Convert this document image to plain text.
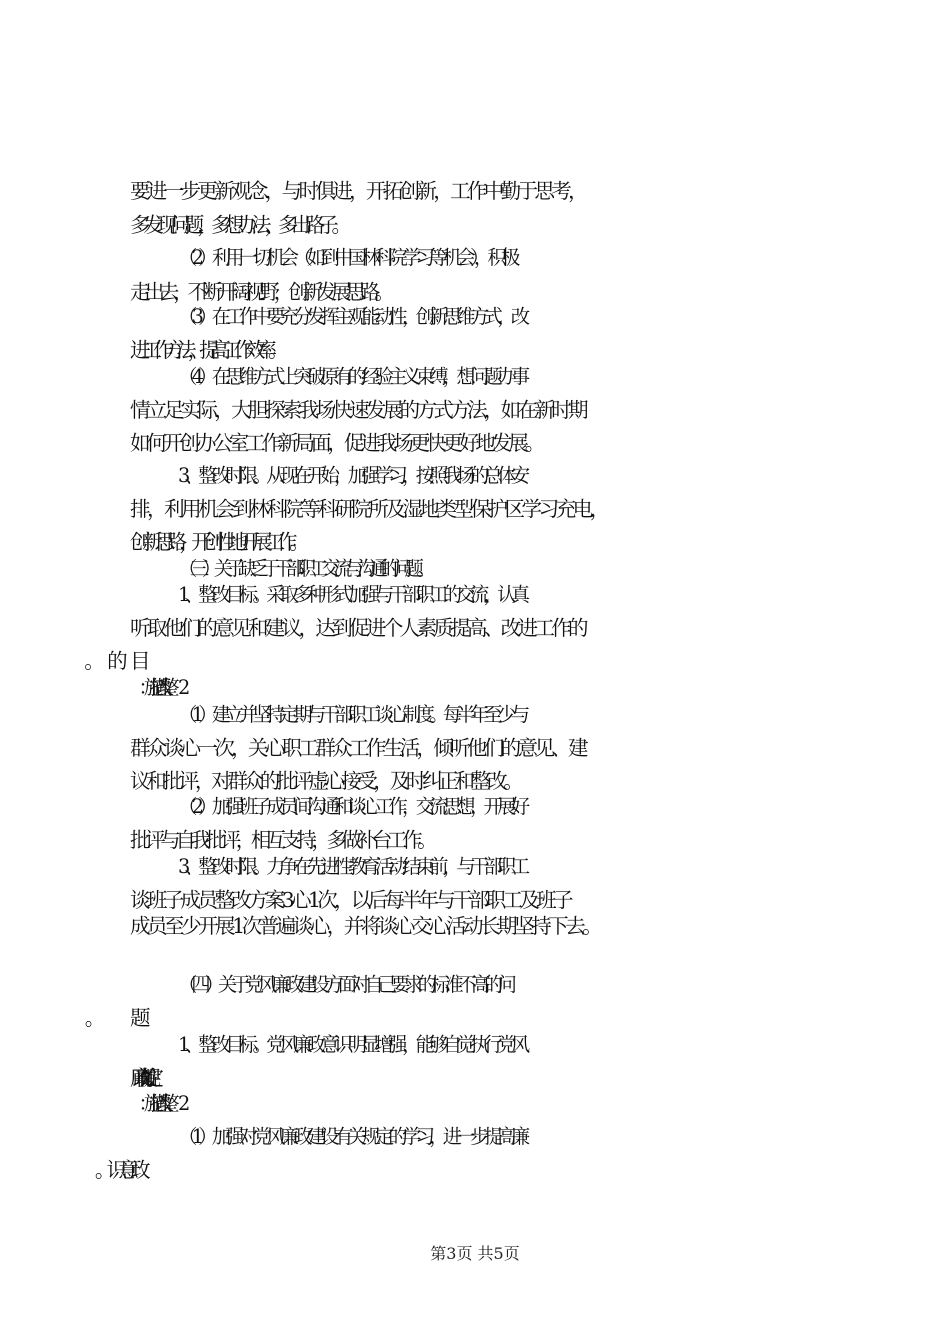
要进一步更新观念，与时俱进，开拓创新，工作中勤于思考，
多发现问题，多想办法，多出路子。
（2）利用一切机会（如到中国林科院学习等机会），积极
走出去，不断开阔视野，创新发展思路。
（3）在工作中要充分发挥主观能动性，创新思维方式，改
进工作方法，提高工作效率。
（4）在思维方式上突破原有的经验主义束缚，想问题办事
情立足实际，大胆探索我场快速发展的方式方法，如在新时期
如何开创办公室工作新局面，促进我场更快更好地发展。
3、整改时限。从现在开始，加强学习，按照我场的总体安
排，利用机会到林科院等科研院所及湿地类型保护区学习充电，
创新思路，开创性地开展工作。
（三）关于缺乏于干部职工交流与沟通的问题。
1、整改目标。采取多种形式加强与干部职工的交流，认真
听取他们的意见和建议，达到促进个人素质提高、改进工作的
（1）建立并坚持定期与干部职工谈心制度。每半年至少与
群众谈心一次，关心职工群众工作生活，倾听他们的意见、建
议和批评，对群众的批评虚心接受，及时纠正和整改。
（2）加强班子成员间沟通和谈心工作，交流思想，开展好
批评与自我批评，相互支持，多做补台工作。
3、整改时限。力争在先进性教育活动结束前，与干部职工
谈班子成员整改方案3心1次，以后每半年与干部职工及班子
成员至少开展1次普遍谈心，并将谈心交心活动长期坚持下去。
（四）关于党风廉政建设方面对自己要求的标准不高的问
1、整改目标。党风廉政意识明显增强，能够自觉执行党风
廉政有关规定。
（1）加强对党风廉政建设有关规定的学习，进一步提高廉
第3页 共5页
